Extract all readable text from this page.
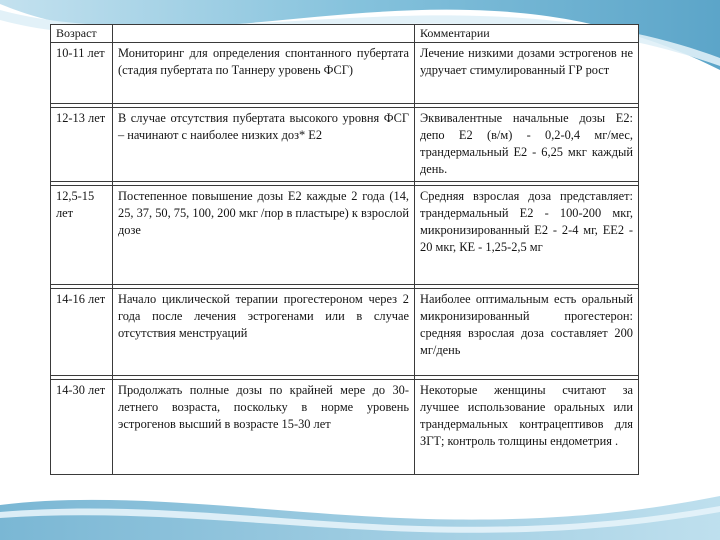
Возраст		Комментарии
10-11 лет	Мониторинг для определения спонтанного пубертата (стадия пубертата по Таннеру уровень ФСГ)	Лечение низкими дозами эстрогенов не удручает стимулированный ГР рост

12-13 лет	В случае отсутствия пубертата высокого уровня ФСГ – начинают с наиболее низких доз* Е2	Эквивалентные начальные дозы Е2: депо Е2 (в/м) - 0,2-0,4 мг/мес, трандермальный Е2 - 6,25 мкг каждый день.

12,5-15 лет	Постепенное повышение дозы Е2 каждые 2 года (14, 25, 37, 50, 75, 100, 200 мкг /пор в пластыре) к взрослой дозе	Средняя взрослая доза представляет: трандермальный Е2 - 100-200 мкг, микронизированный Е2 - 2-4 мг, ЕЕ2 - 20 мкг, КЕ - 1,25-2,5 мг

14-16 лет	Начало циклической терапии прогестероном через 2 года после лечения эстрогенами или в случае отсутствия менструаций	Наиболее оптимальным есть оральный микронизированный прогестерон: средняя взрослая доза составляет 200 мг/день

14-30 лет	Продолжать полные дозы по крайней мере до 30-летнего возраста, поскольку в норме уровень эстрогенов высший в возрасте 15-30 лет	Некоторые женщины считают за лучшее использование оральных или трандермальных контрацептивов для ЗГТ; контроль толщины ендометрия .
